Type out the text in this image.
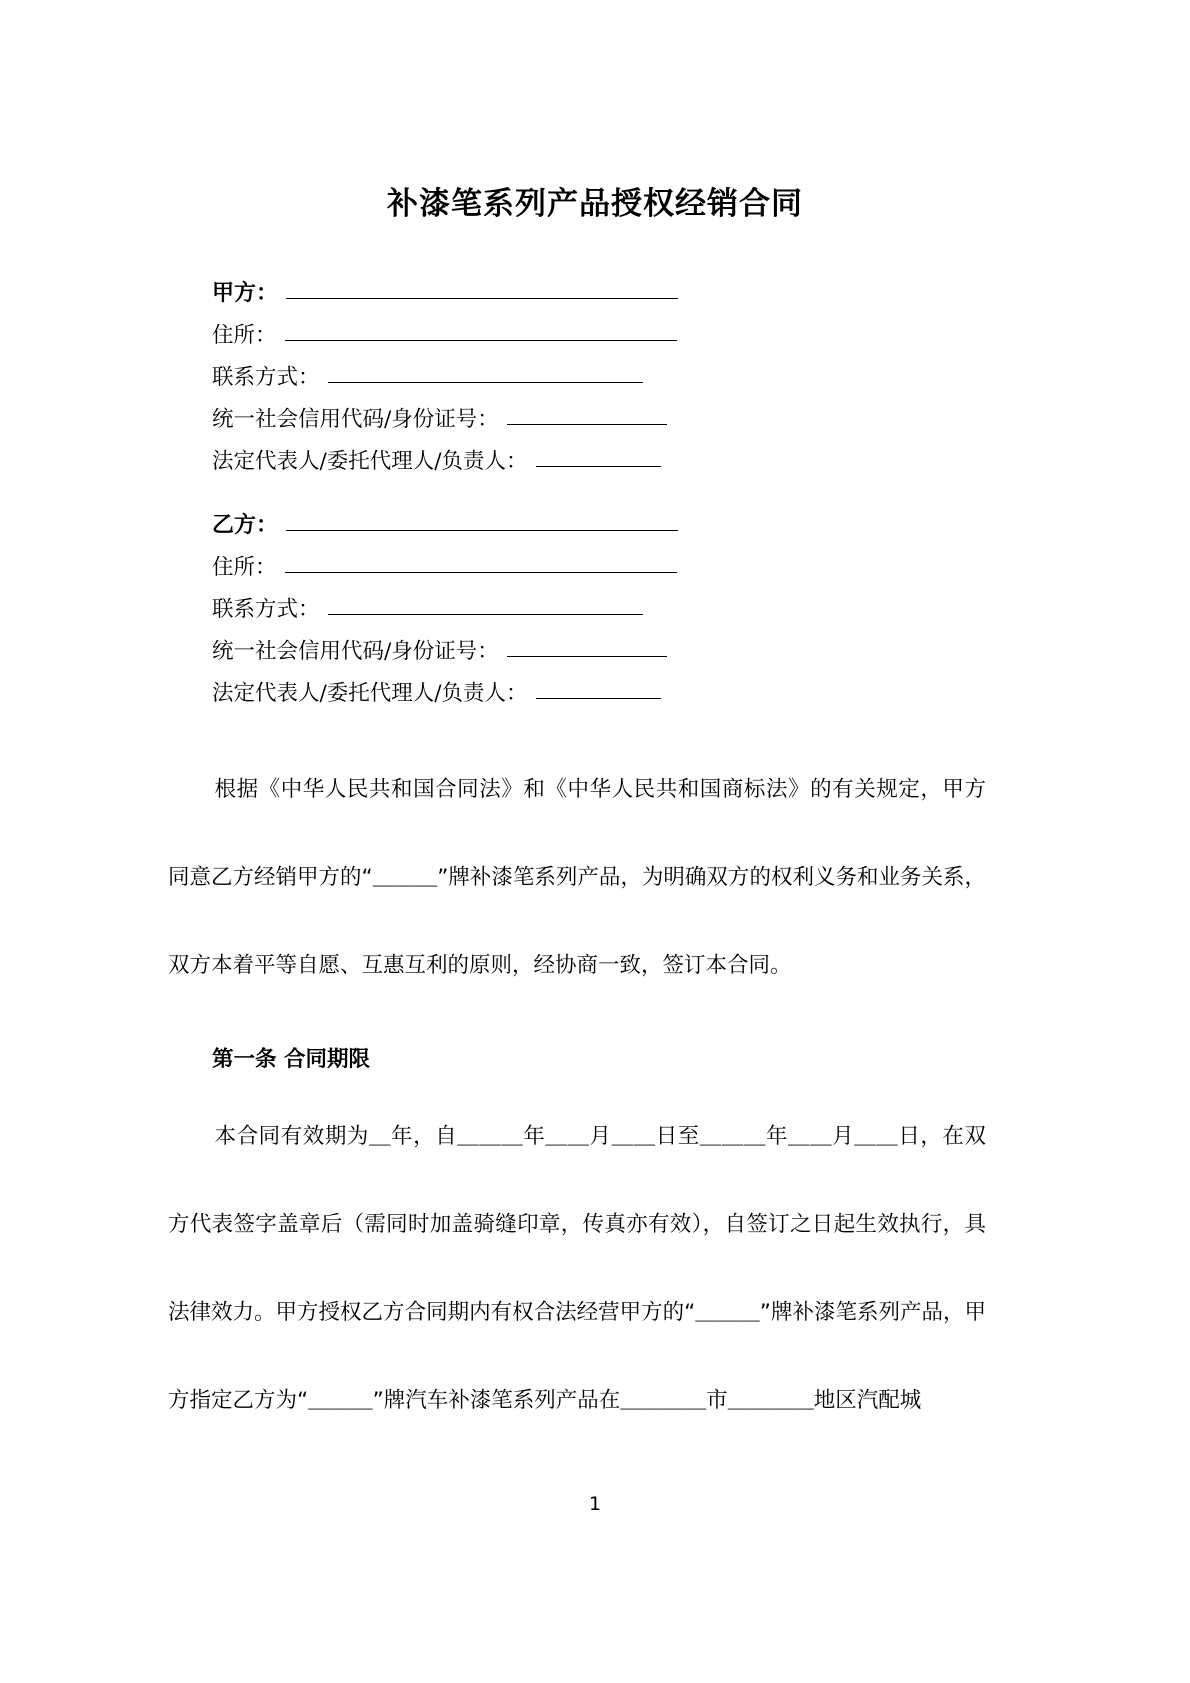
补漆笔系列产品授权经销合同
甲方：
住所：
联系方式：
统一社会信用代码/身份证号：
法定代表人/委托代理人/负责人：
乙方：
住所：
联系方式：
统一社会信用代码/身份证号：
法定代表人/委托代理人/负责人：
根据《中华人民共和国合同法》和《中华人民共和国商标法》的有关规定，甲方同意乙方经销甲方的“＿＿＿”牌补漆笔系列产品，为明确双方的权利义务和业务关系，双方本着平等自愿、互惠互利的原则，经协商一致，签订本合同。
第一条 合同期限
本合同有效期为＿年，自＿＿＿年＿＿月＿＿日至＿＿＿年＿＿月＿＿日，在双方代表签字盖章后（需同时加盖骑缝印章，传真亦有效），自签订之日起生效执行，具法律效力。甲方授权乙方合同期内有权合法经营甲方的“＿＿＿”牌补漆笔系列产品，甲方指定乙方为“＿＿＿”牌汽车补漆笔系列产品在＿＿＿＿市＿＿＿＿地区汽配城
1
